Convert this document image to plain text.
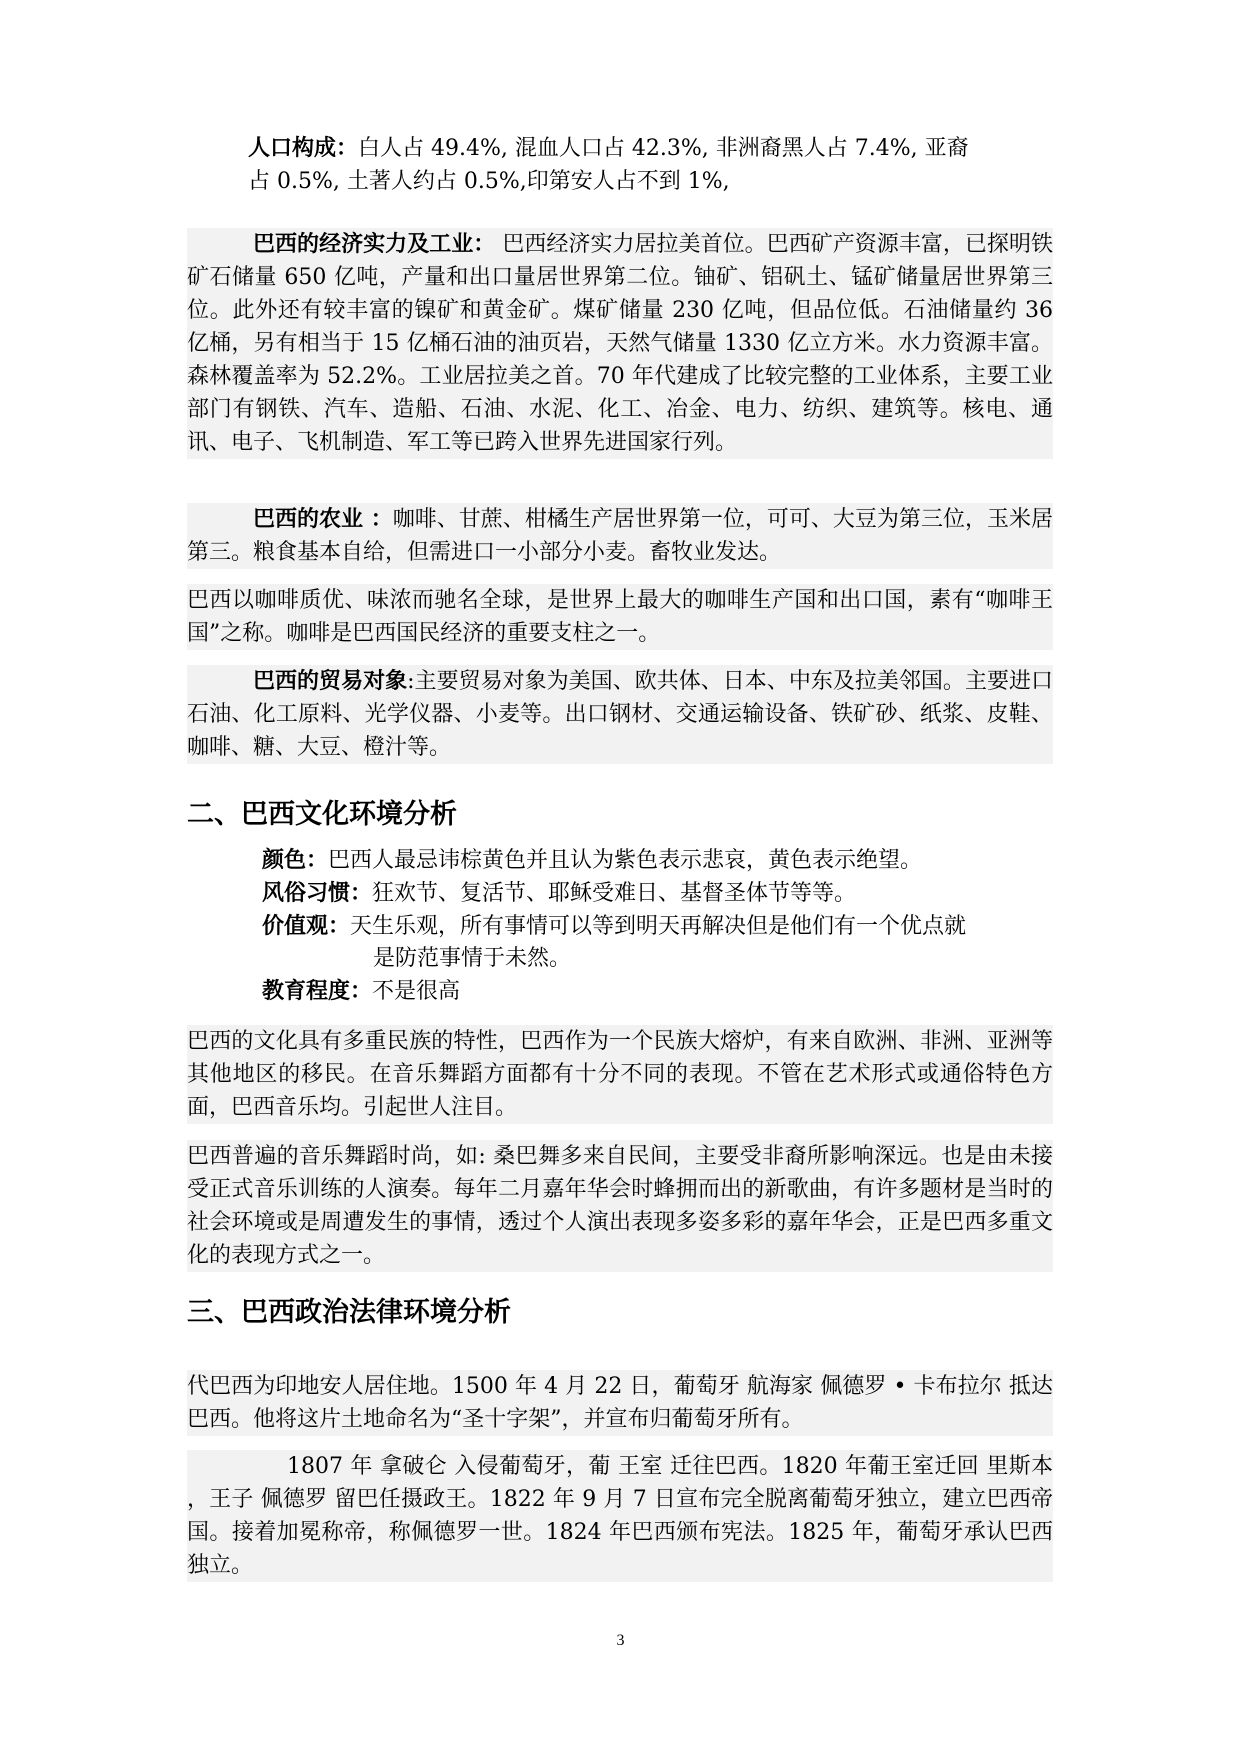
人口构成：白人占 49.4%, 混血人口占 42.3%, 非洲裔黑人占 7.4%, 亚裔
占 0.5%, 土著人约占 0.5%,印第安人占不到 1%,
巴西的经济实力及工业： 巴西经济实力居拉美首位。巴西矿产资源丰富，已探明铁矿石储量 650 亿吨，产量和出口量居世界第二位。铀矿、铝矾土、锰矿储量居世界第三位。此外还有较丰富的镍矿和黄金矿。煤矿储量 230 亿吨，但品位低。石油储量约 36 亿桶，另有相当于 15 亿桶石油的油页岩，天然气储量 1330 亿立方米。水力资源丰富。森林覆盖率为 52.2%。工业居拉美之首。70 年代建成了比较完整的工业体系，主要工业部门有钢铁、汽车、造船、石油、水泥、化工、冶金、电力、纺织、建筑等。核电、通讯、电子、飞机制造、军工等已跨入世界先进国家行列。
巴西的农业 ：咖啡、甘蔗、柑橘生产居世界第一位，可可、大豆为第三位，玉米居第三。粮食基本自给，但需进口一小部分小麦。畜牧业发达。
巴西以咖啡质优、味浓而驰名全球，是世界上最大的咖啡生产国和出口国，素有“咖啡王国”之称。咖啡是巴西国民经济的重要支柱之一。
巴西的贸易对象:主要贸易对象为美国、欧共体、日本、中东及拉美邻国。主要进口石油、化工原料、光学仪器、小麦等。出口钢材、交通运输设备、铁矿砂、纸浆、皮鞋、咖啡、糖、大豆、橙汁等。
二、巴西文化环境分析
颜色：巴西人最忌讳棕黄色并且认为紫色表示悲哀，黄色表示绝望。
风俗习惯：狂欢节、复活节、耶稣受难日、基督圣体节等等。
价值观：天生乐观，所有事情可以等到明天再解决但是他们有一个优点就
是防范事情于未然。
教育程度：不是很高
巴西的文化具有多重民族的特性，巴西作为一个民族大熔炉，有来自欧洲、非洲、亚洲等其他地区的移民。在音乐舞蹈方面都有十分不同的表现。不管在艺术形式或通俗特色方面，巴西音乐均。引起世人注目。
巴西普遍的音乐舞蹈时尚，如: 桑巴舞多来自民间，主要受非裔所影响深远。也是由未接受正式音乐训练的人演奏。每年二月嘉年华会时蜂拥而出的新歌曲，有许多题材是当时的社会环境或是周遭发生的事情，透过个人演出表现多姿多彩的嘉年华会，正是巴西多重文化的表现方式之一。
三、巴西政治法律环境分析
代巴西为印地安人居住地。1500 年 4 月 22 日，葡萄牙 航海家 佩德罗 • 卡布拉尔 抵达巴西。他将这片土地命名为“圣十字架”，并宣布归葡萄牙所有。
1807 年 拿破仑 入侵葡萄牙，葡 王室 迁往巴西。1820 年葡王室迁回 里斯本 ，王子 佩德罗 留巴任摄政王。1822 年 9 月 7 日宣布完全脱离葡萄牙独立，建立巴西帝国。接着加冕称帝，称佩德罗一世。1824 年巴西颁布宪法。1825 年，葡萄牙承认巴西独立。
3
